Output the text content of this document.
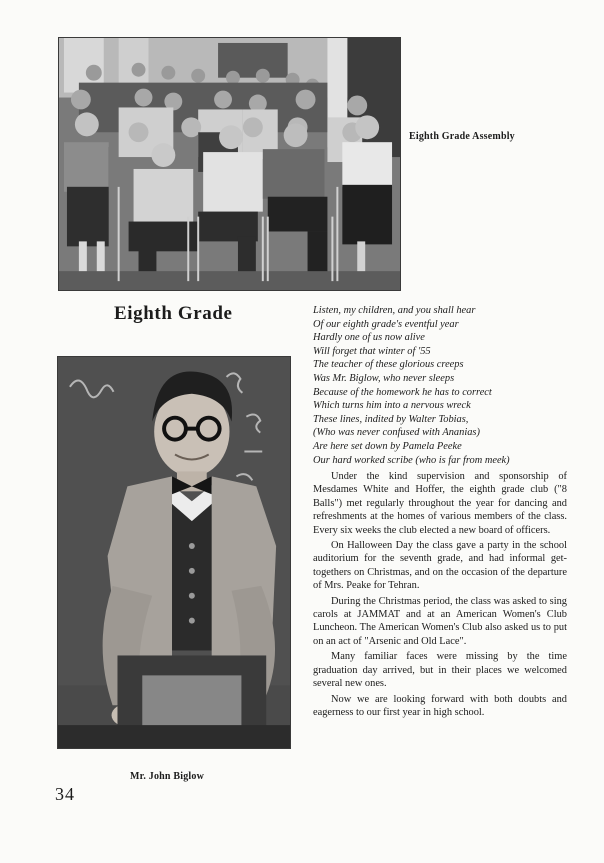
Eighth Grade Assembly
Eighth Grade	Listen, my children, and you shall hear
Of our eighth grade's eventful year
Hardly one of us now alive
Will forget that winter of '55
The teacher of these glorious creeps
Was Mr. Biglow, who never sleeps
Because of the homework he has to correct
Which turns him into a nervous wreck
These lines, indited by Walter Tobias,
(Who was never confused with Ananias)
Are here set down by Pamela Peeke
Our hard worked scribe (who is far from meek)
Mr. John Biglow

Under the kind supervision and sponsorship of Mesdames White and Hoffer, the eighth grade club ("8 Balls") met regularly throughout the year for dancing and refreshments at the homes of various members of the class. Every six weeks the club elected a new board of officers.

On Halloween Day the class gave a party in the school auditorium for the seventh grade, and had informal get-togethers on Christmas, and on the occasion of the departure of Mrs. Peake for Tehran.

During the Christmas period, the class was asked to sing carols at JAMMAT and at an American Women's Club Luncheon. The American Women's Club also asked us to put on an act of "Arsenic and Old Lace".

Many familiar faces were missing by the time graduation day arrived, but in their places we welcomed several new ones.

Now we are looking forward with both doubts and eagerness to our first year in high school.

34
